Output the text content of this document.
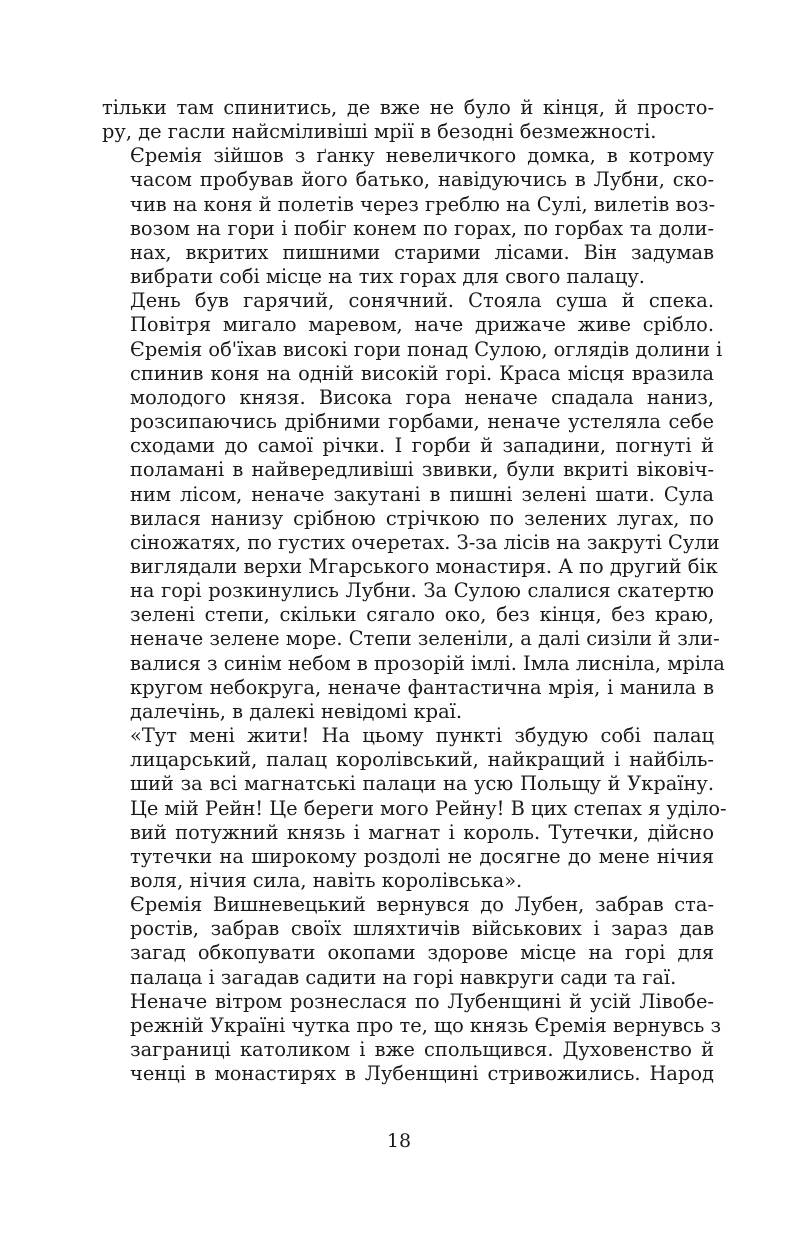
тільки там спинитись, де вже не було й кінця, й просто-
ру, де гасли найсміливіші мрії в безодні безмежності.

Єремія зійшов з ґанку невеличкого домка, в котрому
часом пробував його батько, навідуючись в Лубни, ско-
чив на коня й полетів через греблю на Сулі, вилетів воз-
возом на гори і побіг конем по горах, по горбах та доли-
нах, вкритих пишними старими лісами. Він задумав
вибрати собі місце на тих горах для свого палацу.

День був гарячий, сонячний. Стояла суша й спека.
Повітря мигало маревом, наче дрижаче живе срібло.
Єремія об'їхав високі гори понад Сулою, оглядів долини і
спинив коня на одній високій горі. Краса місця вразила
молодого князя. Висока гора неначе спадала наниз,
розсипаючись дрібними горбами, неначе устеляла себе
сходами до самої річки. І горби й западини, погнуті й
поламані в найвередливіші звивки, були вкриті віковіч-
ним лісом, неначе закутані в пишні зелені шати. Сула
вилася нанизу срібною стрічкою по зелених лугах, по
сіножатях, по густих очеретах. З-за лісів на закруті Сули
виглядали верхи Мгарського монастиря. А по другий бік
на горі розкинулись Лубни. За Сулою слалися скатертю
зелені степи, скільки сягало око, без кінця, без краю,
неначе зелене море. Степи зеленіли, а далі сизіли й зли-
валися з синім небом в прозорій імлі. Імла лисніла, мріла
кругом небокруга, неначе фантастична мрія, і манила в
далечінь, в далекі невідомі краї.

«Тут мені жити! На цьому пункті збудую собі палац
лицарський, палац королівський, найкращий і найбіль-
ший за всі магнатські палаци на усю Польщу й Україну.
Це мій Рейн! Це береги мого Рейну! В цих степах я уділо-
вий потужний князь і магнат і король. Тутечки, дійсно
тутечки на широкому роздолі не досягне до мене нічия
воля, нічия сила, навіть королівська».

Єремія Вишневецький вернувся до Лубен, забрав ста-
ростів, забрав своїх шляхтичів військових і зараз дав
загад обкопувати окопами здорове місце на горі для
палаца і загадав садити на горі навкруги сади та гаї.

Неначе вітром рознеслася по Лубенщині й усій Лівобе-
режній Україні чутка про те, що князь Єремія вернувсь з
заграниці католиком і вже спольщився. Духовенство й
ченці в монастирях в Лубенщині стривожились. Народ

18
